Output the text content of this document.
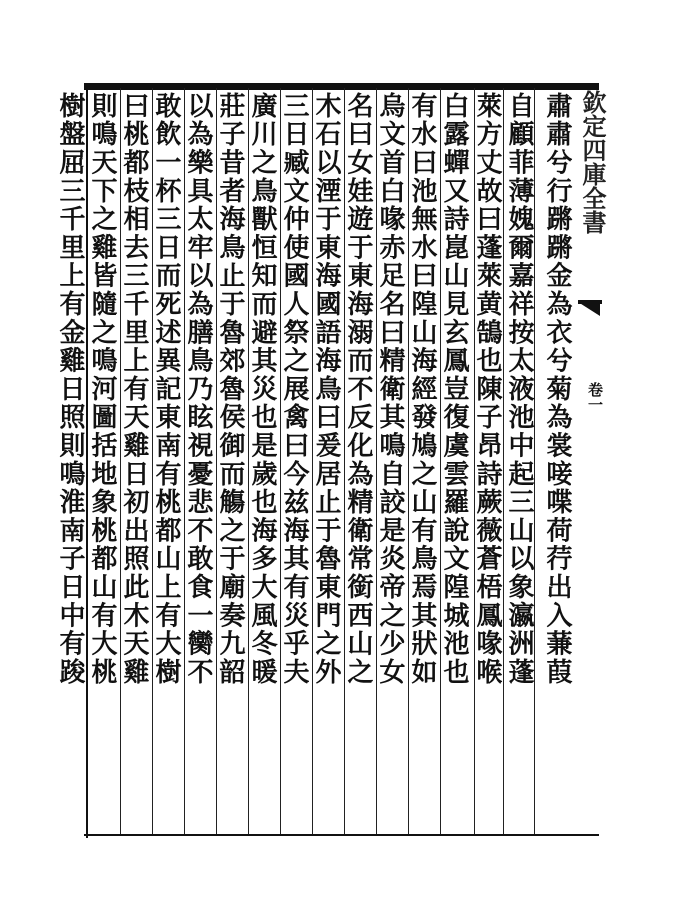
欽定四庫全書
卷一
肅肅兮行蹡蹡金為衣兮菊為裳唼喋荷荇出入蒹葭
自顧菲薄媿爾嘉祥按太液池中起三山以象瀛洲蓬
萊方丈故曰蓬萊黄鵠也陳子昂詩蕨薇蒼梧鳳喙喉
白露蟬又詩崑山見玄鳳豈復虞雲羅說文隍城池也
有水曰池無水曰隍山海經發鳩之山有鳥焉其狀如
烏文首白喙赤足名曰精衛其鳴自詨是炎帝之少女
名曰女娃遊于東海溺而不反化為精衛常銜西山之
木石以湮于東海國語海鳥曰爰居止于魯東門之外
三日臧文仲使國人祭之展禽曰今兹海其有災乎夫
廣川之鳥獸恒知而避其災也是歲也海多大風冬暖
莊子昔者海鳥止于魯郊魯侯御而觴之于廟奏九韶
以為樂具太牢以為膳鳥乃眩視憂悲不敢食一臠不
敢飲一杯三日而死述異記東南有桃都山上有大樹
曰桃都枝相去三千里上有天雞日初出照此木天雞
則鳴天下之雞皆隨之鳴河圖括地象桃都山有大桃
樹盤屈三千里上有金雞日照則鳴淮南子日中有踆
